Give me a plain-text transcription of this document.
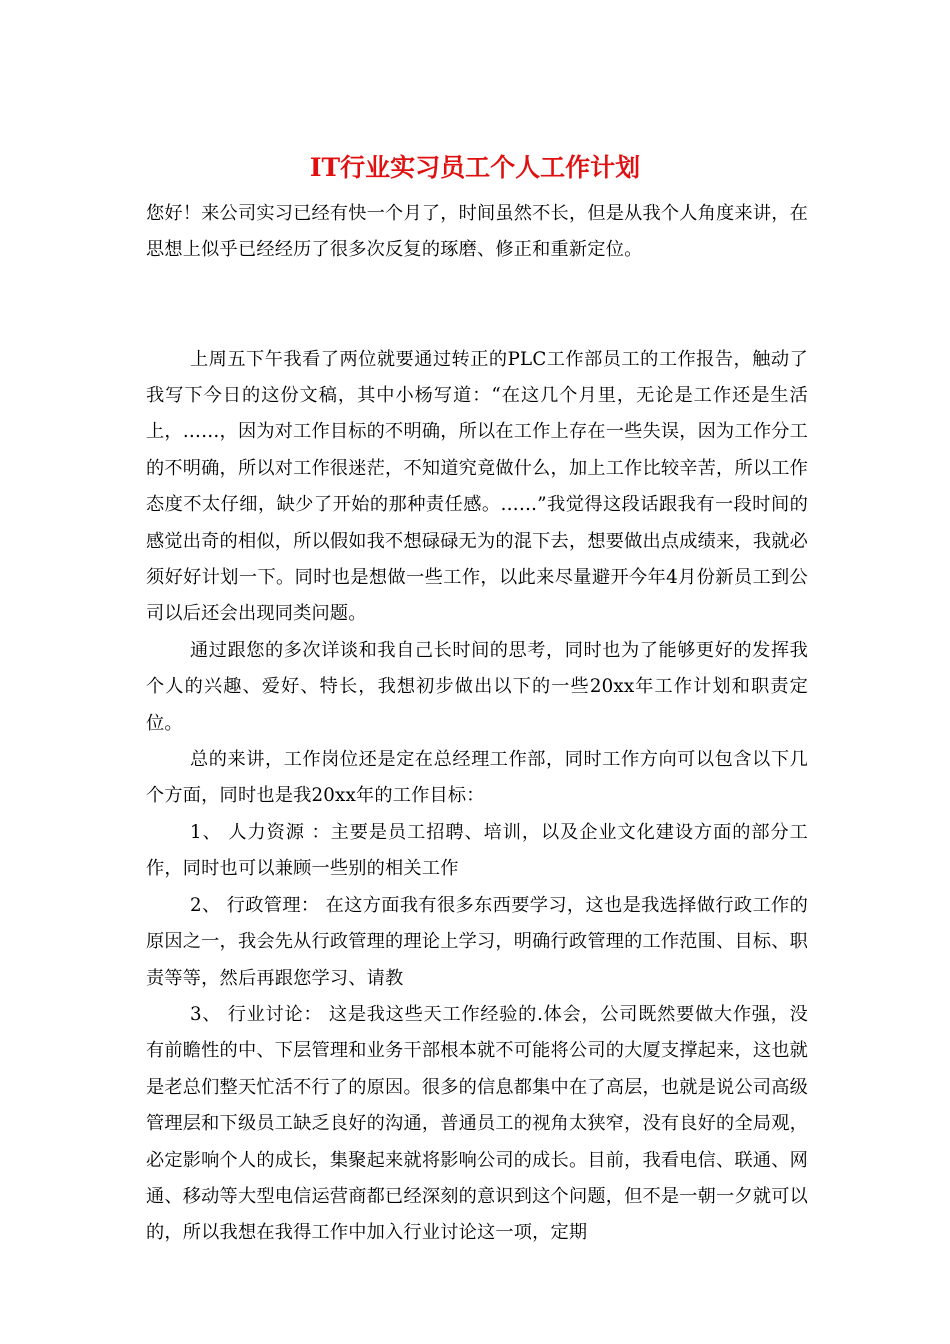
IT行业实习员工个人工作计划

您好！来公司实习已经有快一个月了，时间虽然不长，但是从我个人角度来讲，在思想上似乎已经经历了很多次反复的琢磨、修正和重新定位。

上周五下午我看了两位就要通过转正的PLC工作部员工的工作报告，触动了我写下今日的这份文稿，其中小杨写道：“在这几个月里，无论是工作还是生活上，……，因为对工作目标的不明确，所以在工作上存在一些失误，因为工作分工的不明确，所以对工作很迷茫，不知道究竟做什么，加上工作比较辛苦，所以工作态度不太仔细，缺少了开始的那种责任感。……”我觉得这段话跟我有一段时间的感觉出奇的相似，所以假如我不想碌碌无为的混下去，想要做出点成绩来，我就必须好好计划一下。同时也是想做一些工作，以此来尽量避开今年4月份新员工到公司以后还会出现同类问题。

通过跟您的多次详谈和我自己长时间的思考，同时也为了能够更好的发挥我个人的兴趣、爱好、特长，我想初步做出以下的一些20xx年工作计划和职责定位。

总的来讲，工作岗位还是定在总经理工作部，同时工作方向可以包含以下几个方面，同时也是我20xx年的工作目标：

1、 人力资源 ：主要是员工招聘、培训，以及企业文化建设方面的部分工作，同时也可以兼顾一些别的相关工作

2、 行政管理： 在这方面我有很多东西要学习，这也是我选择做行政工作的原因之一，我会先从行政管理的理论上学习，明确行政管理的工作范围、目标、职责等等，然后再跟您学习、请教

3、 行业讨论： 这是我这些天工作经验的.体会，公司既然要做大作强，没有前瞻性的中、下层管理和业务干部根本就不可能将公司的大厦支撑起来，这也就是老总们整天忙活不行了的原因。很多的信息都集中在了高层，也就是说公司高级管理层和下级员工缺乏良好的沟通，普通员工的视角太狭窄，没有良好的全局观，必定影响个人的成长，集聚起来就将影响公司的成长。目前，我看电信、联通、网通、移动等大型电信运营商都已经深刻的意识到这个问题，但不是一朝一夕就可以的，所以我想在我得工作中加入行业讨论这一项，定期
